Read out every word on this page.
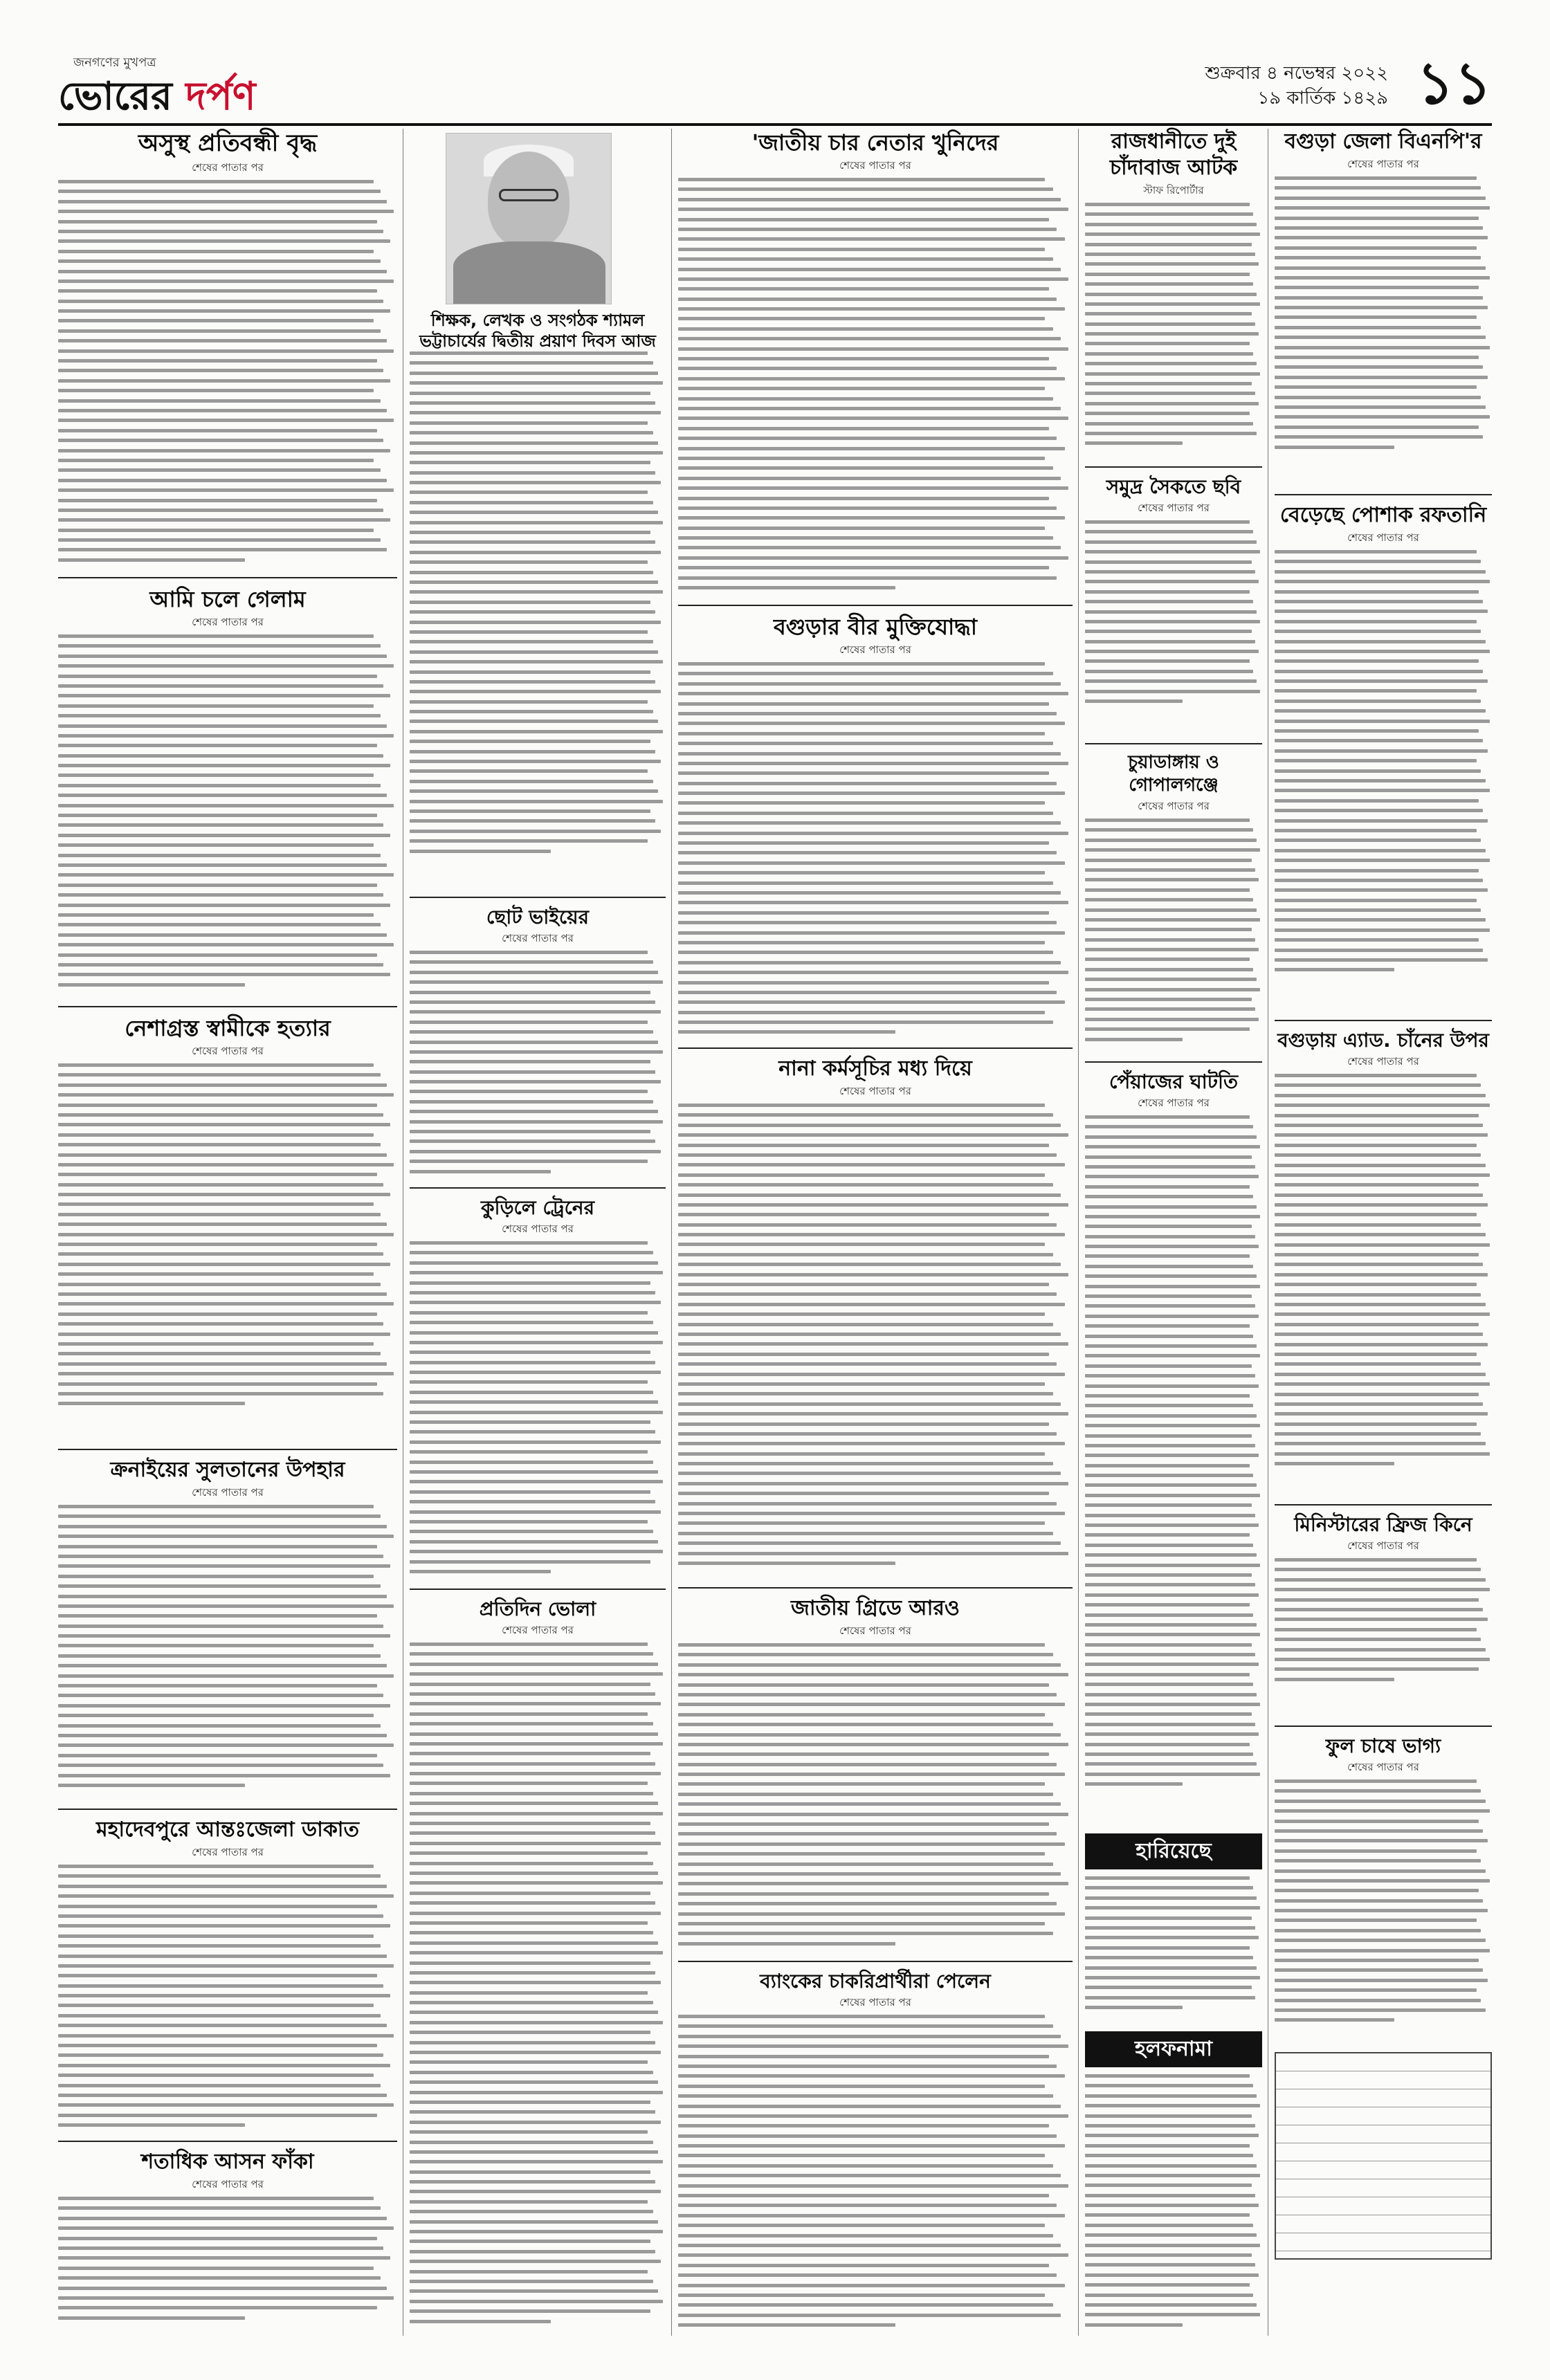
জনগণের মুখপত্র
ভোরের দর্পণ	শুক্রবার ৪ নভেম্বর ২০২২
১৯ কার্তিক ১৪২৯ ১১
অসুস্থ প্রতিবন্ধী বৃদ্ধ
শেষের পাতার পর
আমি চলে গেলাম
শেষের পাতার পর
নেশাগ্রস্ত স্বামীকে হত্যার
শেষের পাতার পর
ক্রনাইয়ের সুলতানের উপহার
শেষের পাতার পর
মহাদেবপুরে আন্তঃজেলা ডাকাত
শেষের পাতার পর
শতাধিক আসন ফাঁকা
শেষের পাতার পর
শিক্ষক, লেখক ও সংগঠক শ্যামল ভট্টাচার্যের দ্বিতীয় প্রয়াণ দিবস আজ
ছোট ভাইয়ের
শেষের পাতার পর
কুড়িলে ট্রেনের
শেষের পাতার পর
প্রতিদিন ভোলা
শেষের পাতার পর
'জাতীয় চার নেতার খুনিদের
শেষের পাতার পর
বগুড়ার বীর মুক্তিযোদ্ধা
শেষের পাতার পর
নানা কর্মসূচির মধ্য দিয়ে
শেষের পাতার পর
জাতীয় গ্রিডে আরও
শেষের পাতার পর
ব্যাংকের চাকরিপ্রার্থীরা পেলেন
শেষের পাতার পর
রাজধানীতে দুই চাঁদাবাজ আটক
স্টাফ রিপোর্টার
সমুদ্র সৈকতে ছবি
শেষের পাতার পর
চুয়াডাঙ্গায় ও গোপালগঞ্জে
শেষের পাতার পর
পেঁয়াজের ঘাটতি
শেষের পাতার পর
হারিয়েছে
হলফনামা
বগুড়া জেলা বিএনপি'র
শেষের পাতার পর
বেড়েছে পোশাক রফতানি
শেষের পাতার পর
বগুড়ায় এ্যাড. চাঁনের উপর
শেষের পাতার পর
মিনিস্টারের ফ্রিজ কিনে
শেষের পাতার পর
ফুল চাষে ভাগ্য
শেষের পাতার পর
